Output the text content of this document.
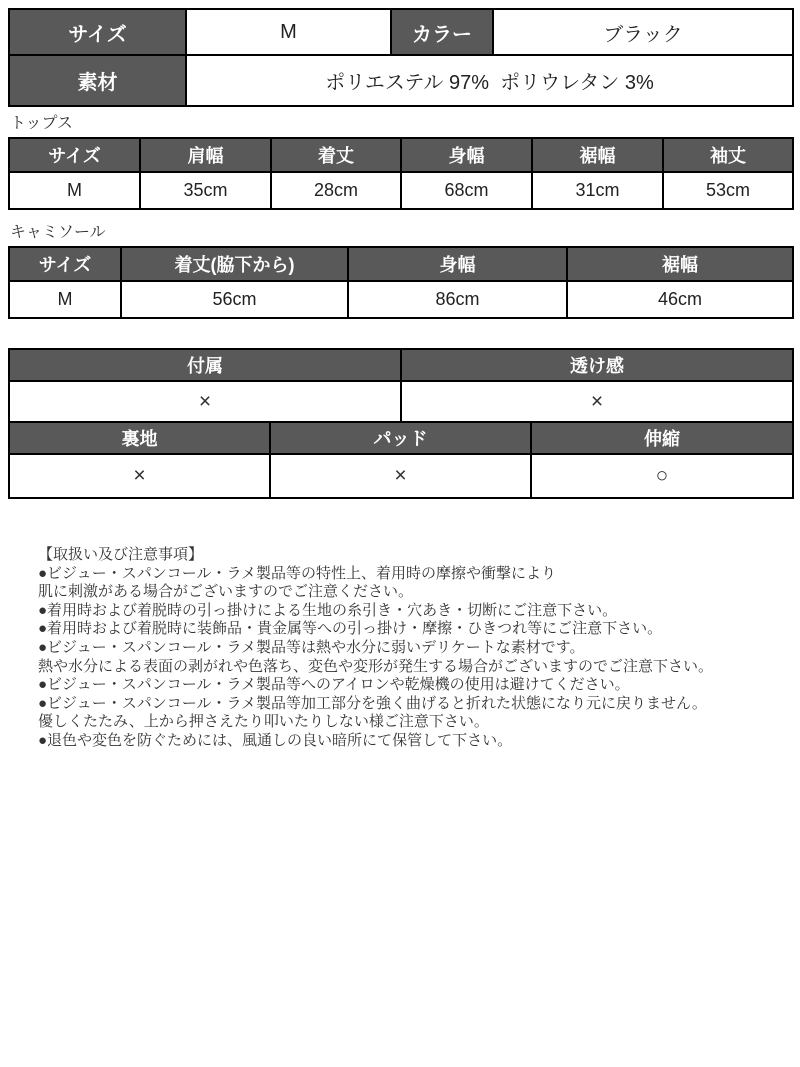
サイズ	M	カラー	ブラック
素材	ポリエステル 97%  ポリウレタン 3%		
トップス
サイズ	肩幅	着丈	身幅	裾幅	袖丈
M	35cm	28cm	68cm	31cm	53cm
キャミソール
サイズ	着丈(脇下から)	身幅	裾幅
M	56cm	86cm	46cm
付属	透け感
×	×
裏地	パッド	伸縮
×	×	○
【取扱い及び注意事項】
●ビジュー・スパンコール・ラメ製品等の特性上、着用時の摩擦や衝撃により
肌に刺激がある場合がございますのでご注意ください。
●着用時および着脱時の引っ掛けによる生地の糸引き・穴あき・切断にご注意下さい。
●着用時および着脱時に装飾品・貴金属等への引っ掛け・摩擦・ひきつれ等にご注意下さい。
●ビジュー・スパンコール・ラメ製品等は熱や水分に弱いデリケートな素材です。
熱や水分による表面の剥がれや色落ち、変色や変形が発生する場合がございますのでご注意下さい。
●ビジュー・スパンコール・ラメ製品等へのアイロンや乾燥機の使用は避けてください。
●ビジュー・スパンコール・ラメ製品等加工部分を強く曲げると折れた状態になり元に戻りません。
優しくたたみ、上から押さえたり叩いたりしない様ご注意下さい。
●退色や変色を防ぐためには、風通しの良い暗所にて保管して下さい。
